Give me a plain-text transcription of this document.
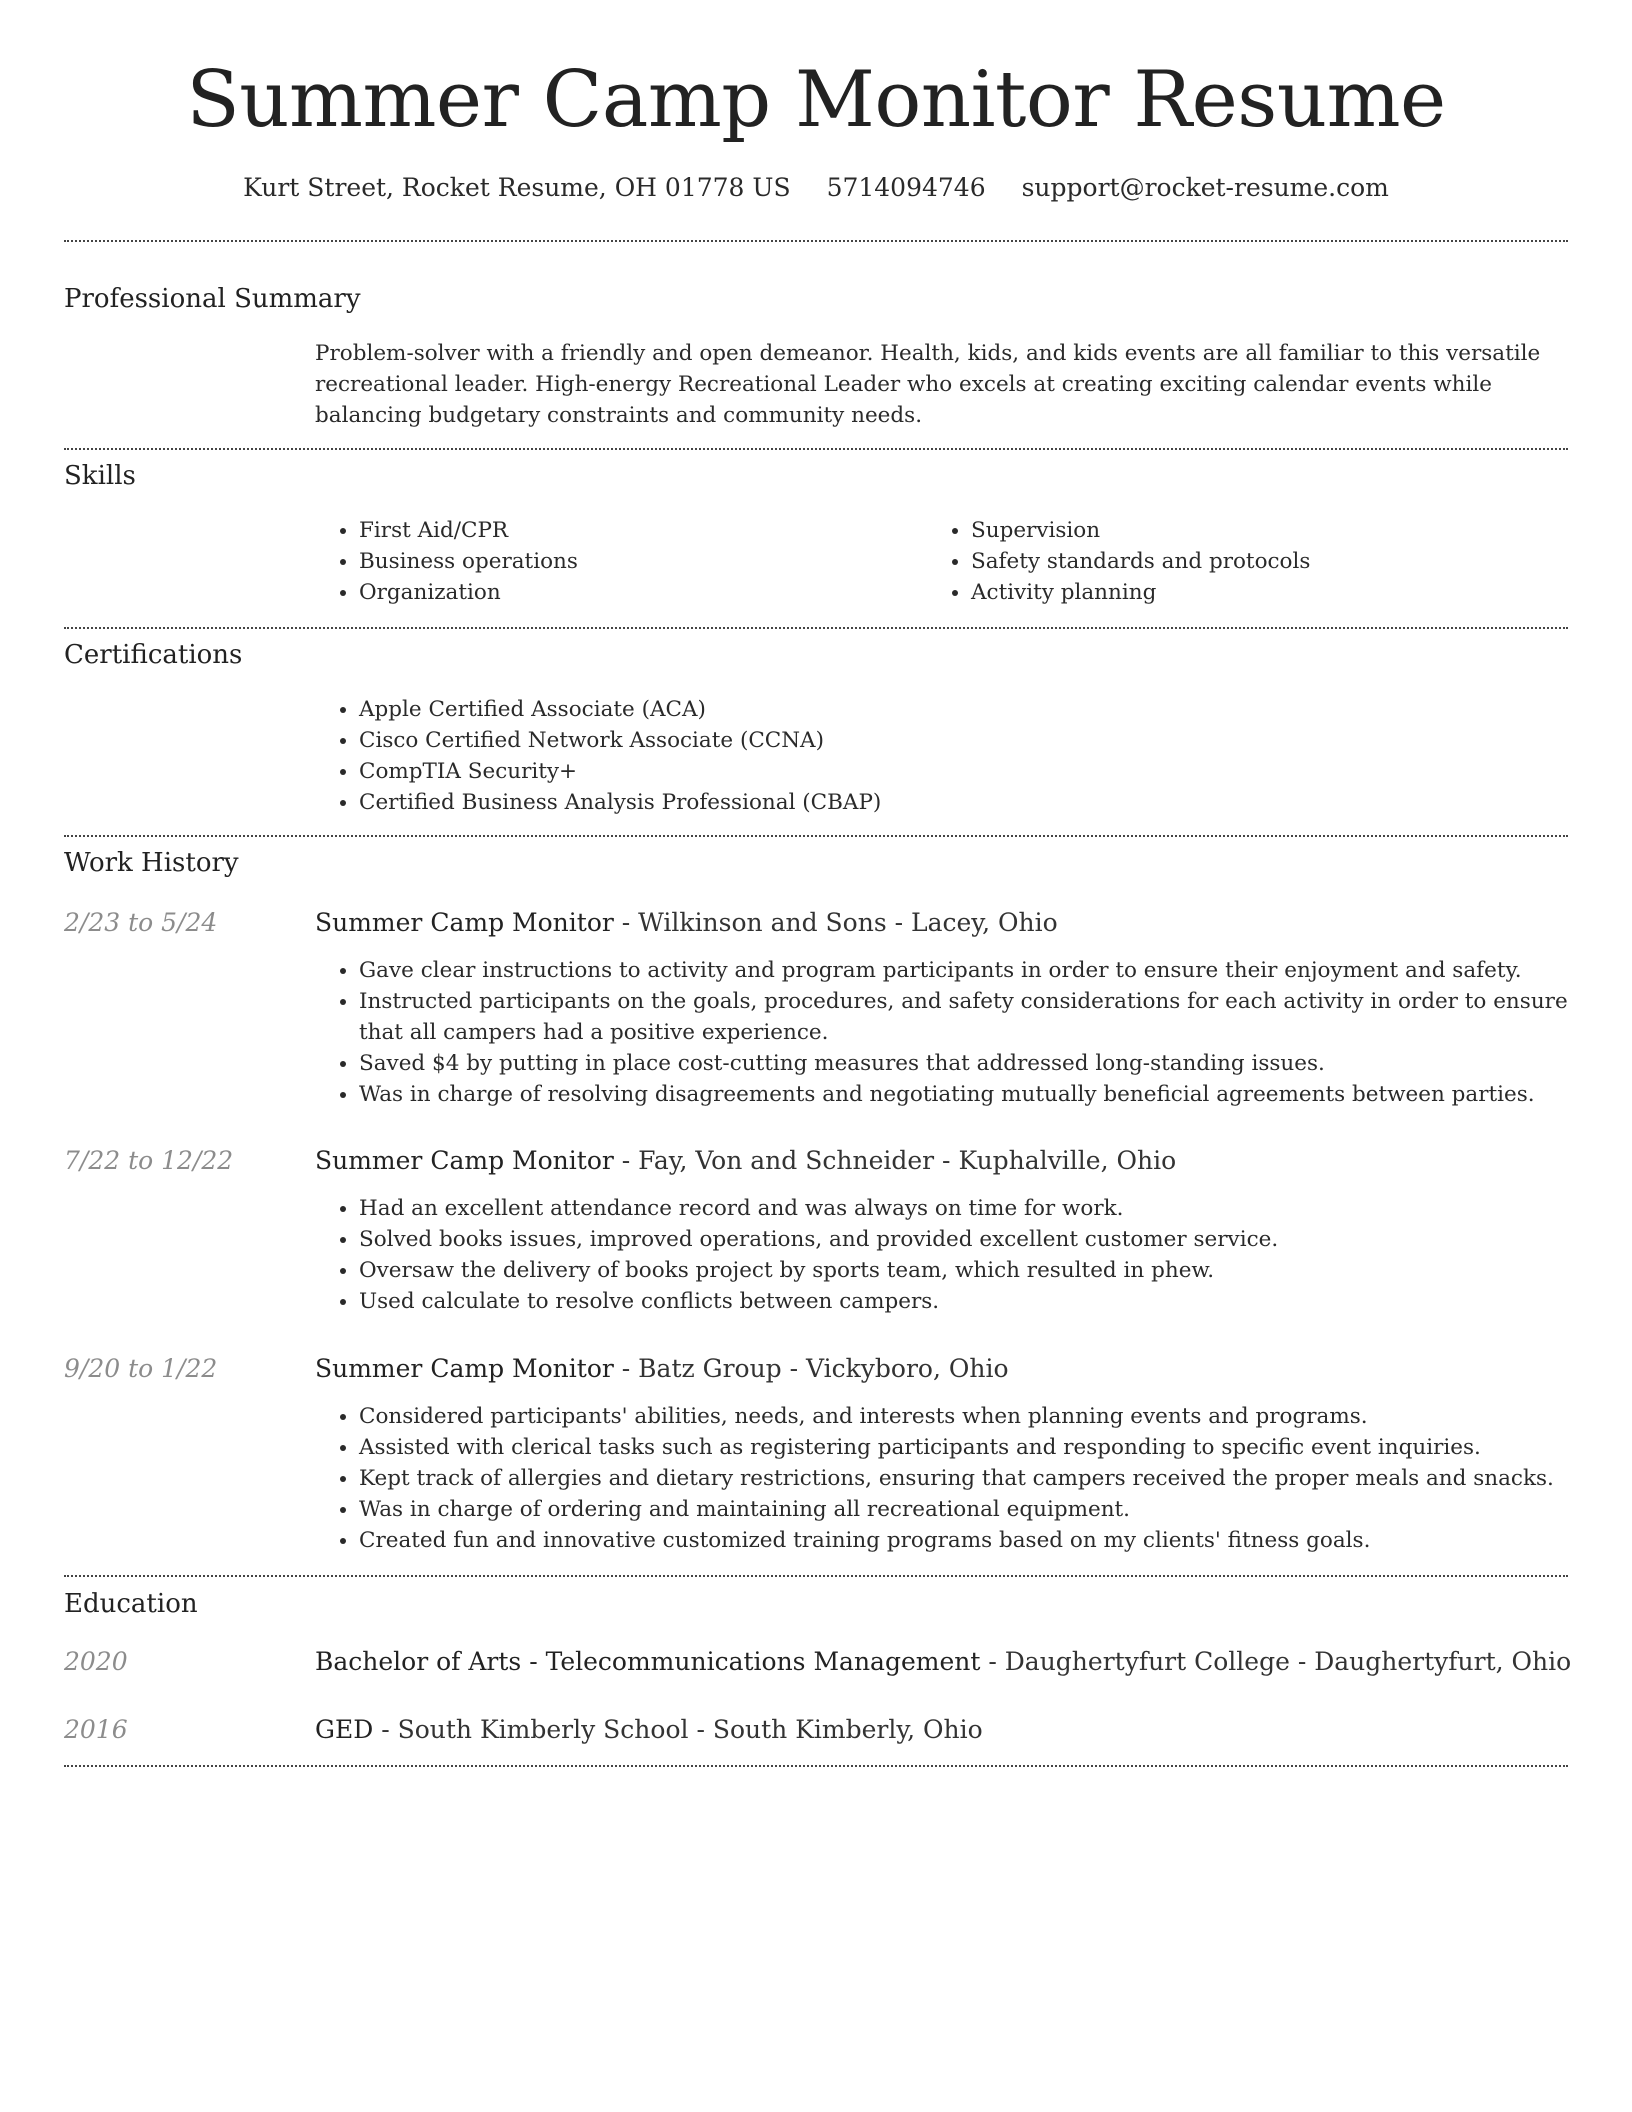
Summer Camp Monitor Resume
Kurt Street, Rocket Resume, OH 01778 US 5714094746 support@rocket-resume.com
Professional Summary

Problem-solver with a friendly and open demeanor. Health, kids, and kids events are all familiar to this versatile recreational leader. High-energy Recreational Leader who excels at creating exciting calendar events while balancing budgetary constraints and community needs.

Skills
• First Aid/CPR
• Business operations
• Organization
• Supervision
• Safety standards and protocols
• Activity planning
Certifications
• Apple Certified Associate (ACA)
• Cisco Certified Network Associate (CCNA)
• CompTIA Security+
• Certified Business Analysis Professional (CBAP)
Work History
2/23 to 5/24	Summer Camp Monitor - Wilkinson and Sons - Lacey, Ohio
• Gave clear instructions to activity and program participants in order to ensure their enjoyment and safety.
• Instructed participants on the goals, procedures, and safety considerations for each activity in order to ensure that all campers had a positive experience.
• Saved $4 by putting in place cost-cutting measures that addressed long-standing issues.
• Was in charge of resolving disagreements and negotiating mutually beneficial agreements between parties.
7/22 to 12/22	Summer Camp Monitor - Fay, Von and Schneider - Kuphalville, Ohio
• Had an excellent attendance record and was always on time for work.
• Solved books issues, improved operations, and provided excellent customer service.
• Oversaw the delivery of books project by sports team, which resulted in phew.
• Used calculate to resolve conflicts between campers.
9/20 to 1/22	Summer Camp Monitor - Batz Group - Vickyboro, Ohio
• Considered participants' abilities, needs, and interests when planning events and programs.
• Assisted with clerical tasks such as registering participants and responding to specific event inquiries.
• Kept track of allergies and dietary restrictions, ensuring that campers received the proper meals and snacks.
• Was in charge of ordering and maintaining all recreational equipment.
• Created fun and innovative customized training programs based on my clients' fitness goals.
Education
2020	Bachelor of Arts - Telecommunications Management - Daughertyfurt College - Daughertyfurt, Ohio
2016	GED - South Kimberly School - South Kimberly, Ohio
